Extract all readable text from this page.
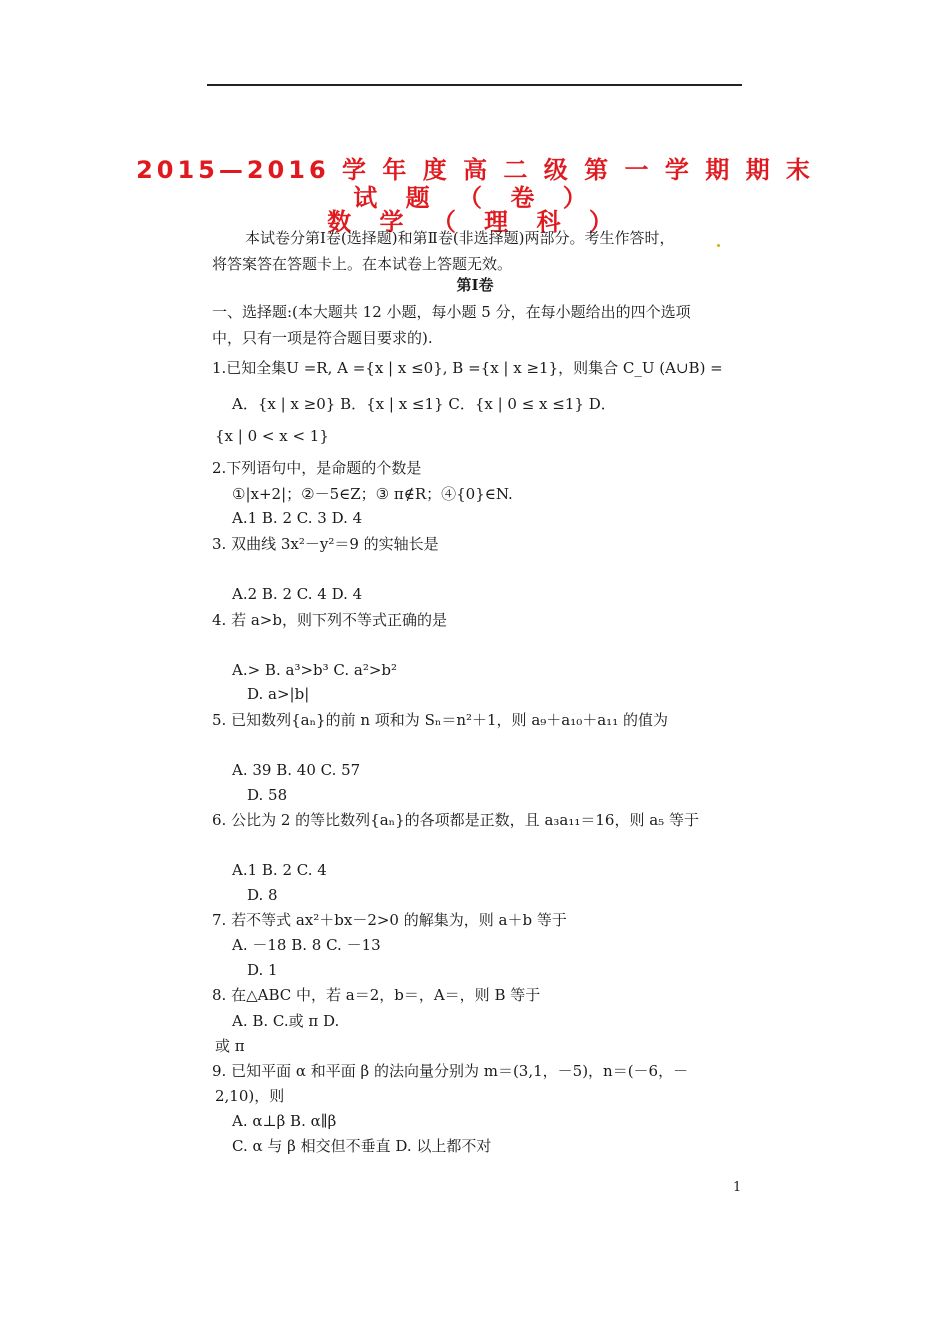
2015—2016 学 年 度 高 二 级 第 一 学 期 期 末
试 题 （ 卷 ）
数 学 （ 理 科 ）
本试卷分第Ⅰ卷(选择题)和第Ⅱ卷(非选择题)两部分。考生作答时，
将答案答在答题卡上。在本试卷上答题无效。
第Ⅰ卷
一、选择题:(本大题共 12 小题，每小题 5 分，在每小题给出的四个选项
中，只有一项是符合题目要求的).
1.已知全集U =R, A ={x | x ≤0}, B ={x | x ≥1}，则集合 C_U (A∪B) =
A．{x | x ≥0} B．{x | x ≤1} C．{x | 0 ≤ x ≤1} D．
{x | 0 < x < 1}
2.下列语句中，是命题的个数是
①|x+2|；②－5∈Z；③ π∉R；④{0}∈N.
A.1 B. 2 C. 3 D. 4
3. 双曲线 3x²－y²＝9 的实轴长是
A.2 B. 2 C. 4 D. 4
4. 若 a>b，则下列不等式正确的是
A.> B. a³>b³ C. a²>b²
D. a>|b|
5. 已知数列{aₙ}的前 n 项和为 Sₙ＝n²＋1，则 a₉＋a₁₀＋a₁₁ 的值为
A. 39 B. 40 C. 57
D. 58
6. 公比为 2 的等比数列{aₙ}的各项都是正数，且 a₃a₁₁＝16，则 a₅ 等于
A.1 B. 2 C. 4
D. 8
7. 若不等式 ax²＋bx－2>0 的解集为，则 a＋b 等于
A. －18 B. 8 C. －13
D. 1
8. 在△ABC 中，若 a＝2，b＝，A＝，则 B 等于
A. B. C.或 π D.
或 π
9. 已知平面 α 和平面 β 的法向量分别为 m＝(3,1，－5)，n＝(－6，－
2,10)，则
A. α⊥β B. α∥β
C. α 与 β 相交但不垂直 D. 以上都不对
1
